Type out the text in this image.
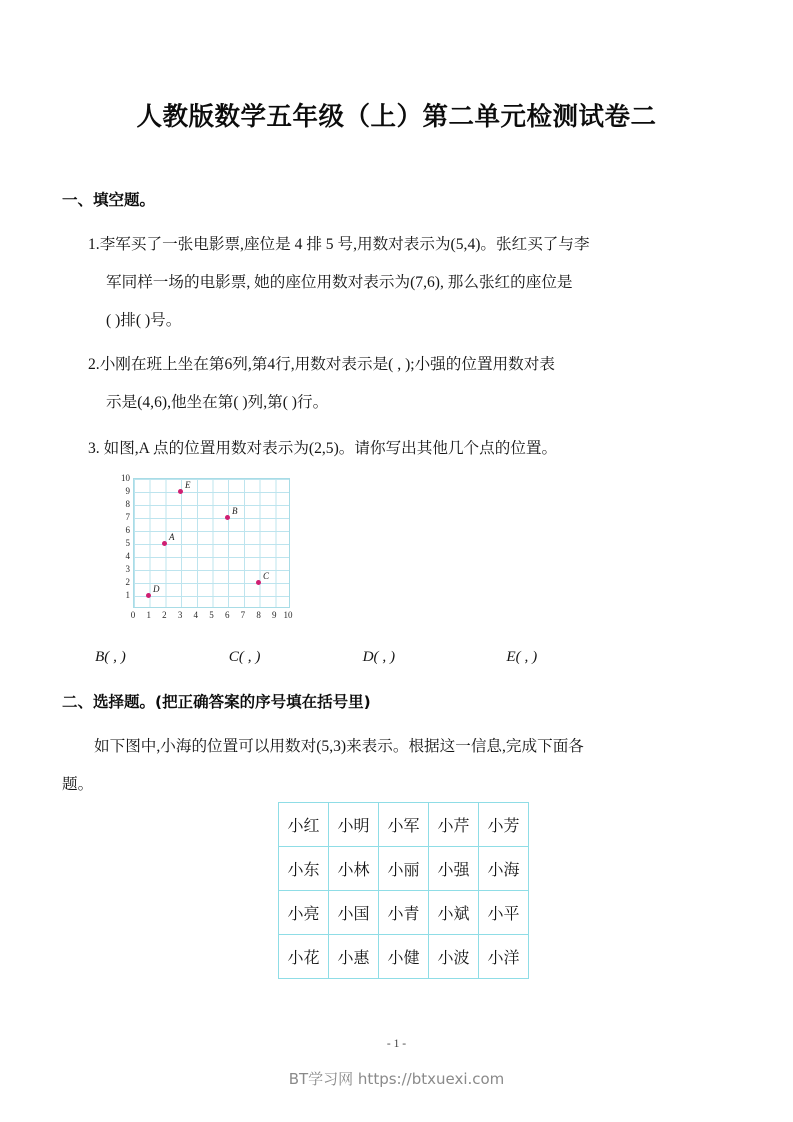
人教版数学五年级（上）第二单元检测试卷二
一、填空题。
1.李军买了一张电影票,座位是 4 排 5 号,用数对表示为(5,4)。张红买了与李
军同样一场的电影票, 她的座位用数对表示为(7,6), 那么张红的座位是
( )排( )号。
2.小刚在班上坐在第6列,第4行,用数对表示是( , );小强的位置用数对表
示是(4,6),他坐在第( )列,第( )行。
3. 如图,A 点的位置用数对表示为(2,5)。请你写出其他几个点的位置。
A
B
C
D
E
10
9
8
7
6
5
4
3
2
1
0	1	2	3	4	5	6	7	8	9 10
B( , )	C( , )	D( , )	E( , )
二、选择题。(把正确答案的序号填在括号里)
如下图中,小海的位置可以用数对(5,3)来表示。根据这一信息,完成下面各
题。
小红	小明	小军	小芹	小芳
小东	小林	小丽	小强	小海
小亮	小国	小青	小斌	小平
小花	小惠	小健	小波	小洋
- 1 -
BT学习网 https://btxuexi.com
